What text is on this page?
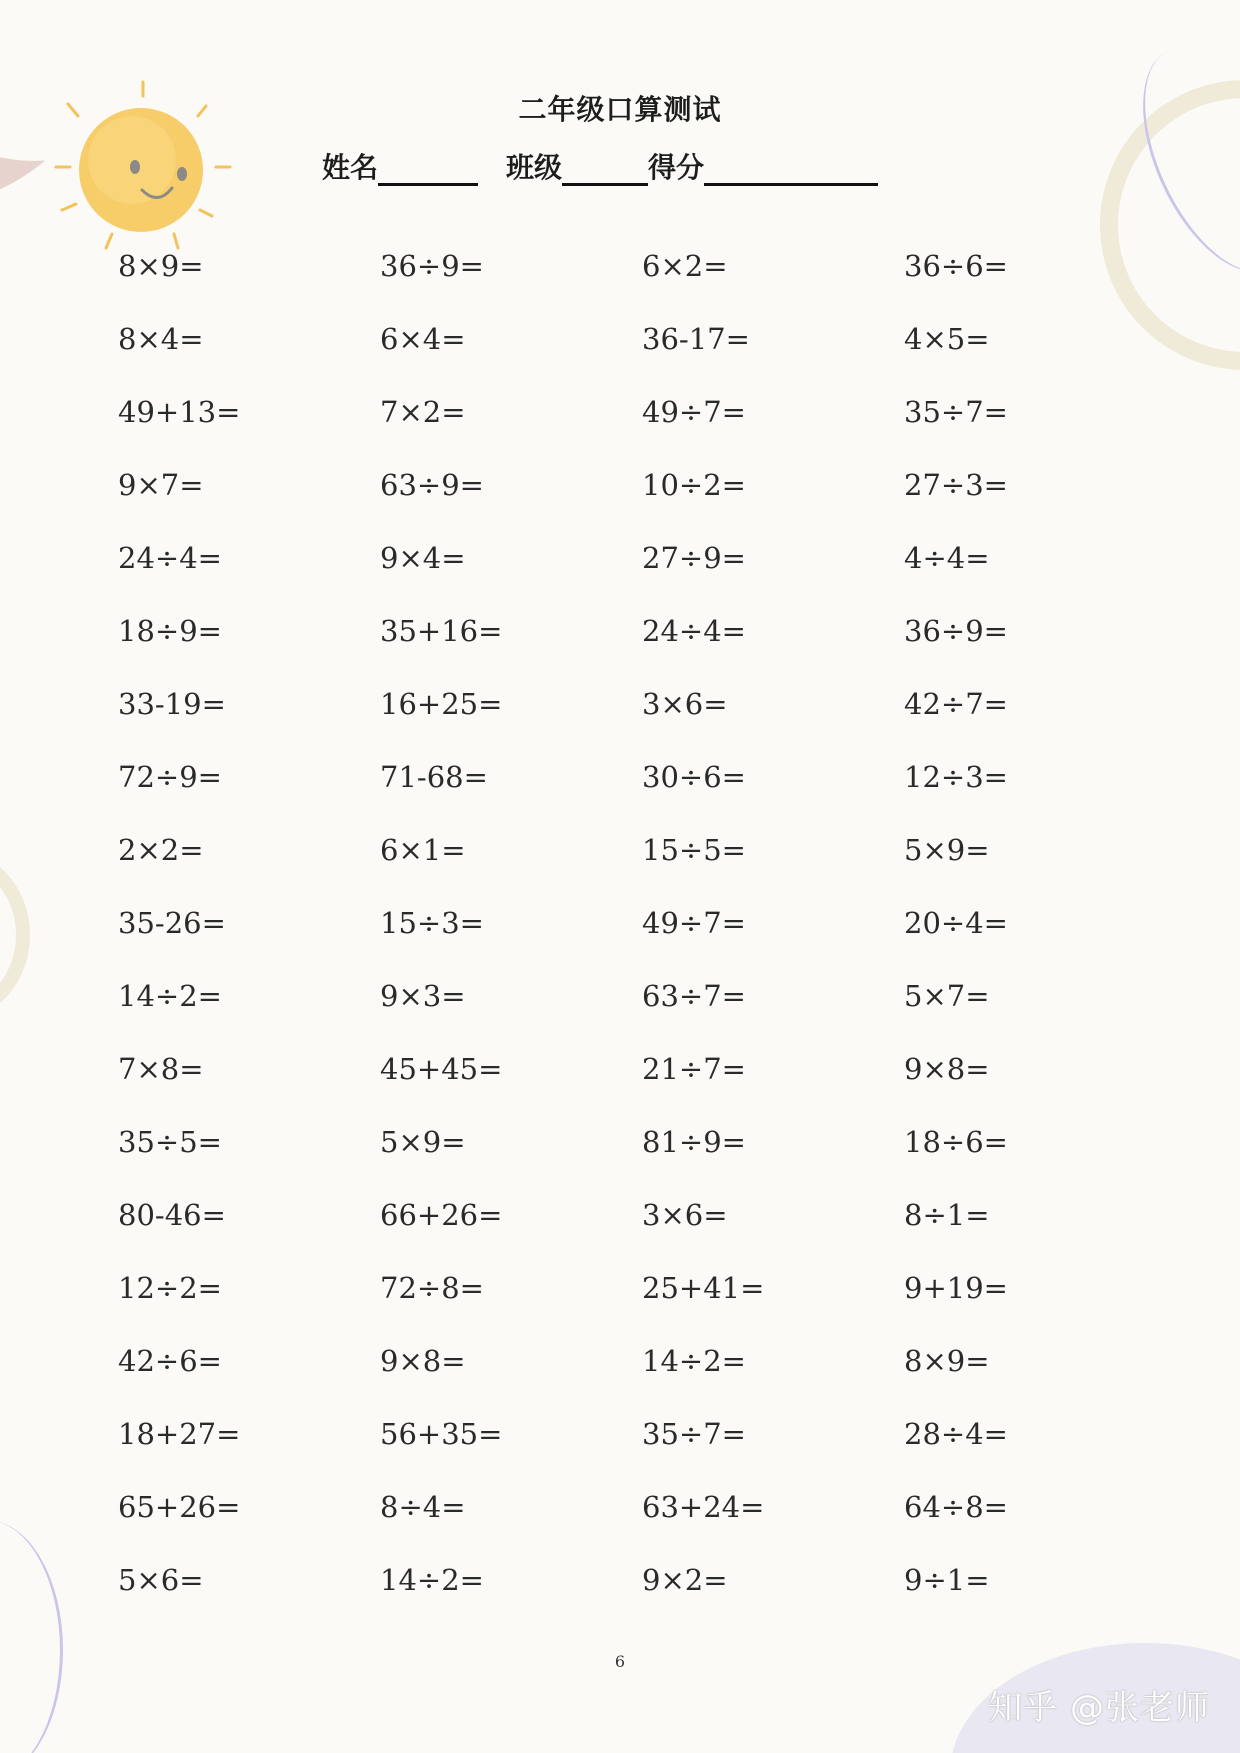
二年级口算测试
姓名	班级	得分
8×9=	36÷9=	6×2=	36÷6=
8×4=	6×4=	36-17=	4×5=
49+13=	7×2=	49÷7=	35÷7=
9×7=	63÷9=	10÷2=	27÷3=
24÷4=	9×4=	27÷9=	4÷4=
18÷9=	35+16=	24÷4=	36÷9=
33-19=	16+25=	3×6=	42÷7=
72÷9=	71-68=	30÷6=	12÷3=
2×2=	6×1=	15÷5=	5×9=
35-26=	15÷3=	49÷7=	20÷4=
14÷2=	9×3=	63÷7=	5×7=
7×8=	45+45=	21÷7=	9×8=
35÷5=	5×9=	81÷9=	18÷6=
80-46=	66+26=	3×6=	8÷1=
12÷2=	72÷8=	25+41=	9+19=
42÷6=	9×8=	14÷2=	8×9=
18+27=	56+35=	35÷7=	28÷4=
65+26=	8÷4=	63+24=	64÷8=
5×6=	14÷2=	9×2=	9÷1=
6
知乎 @张老师
